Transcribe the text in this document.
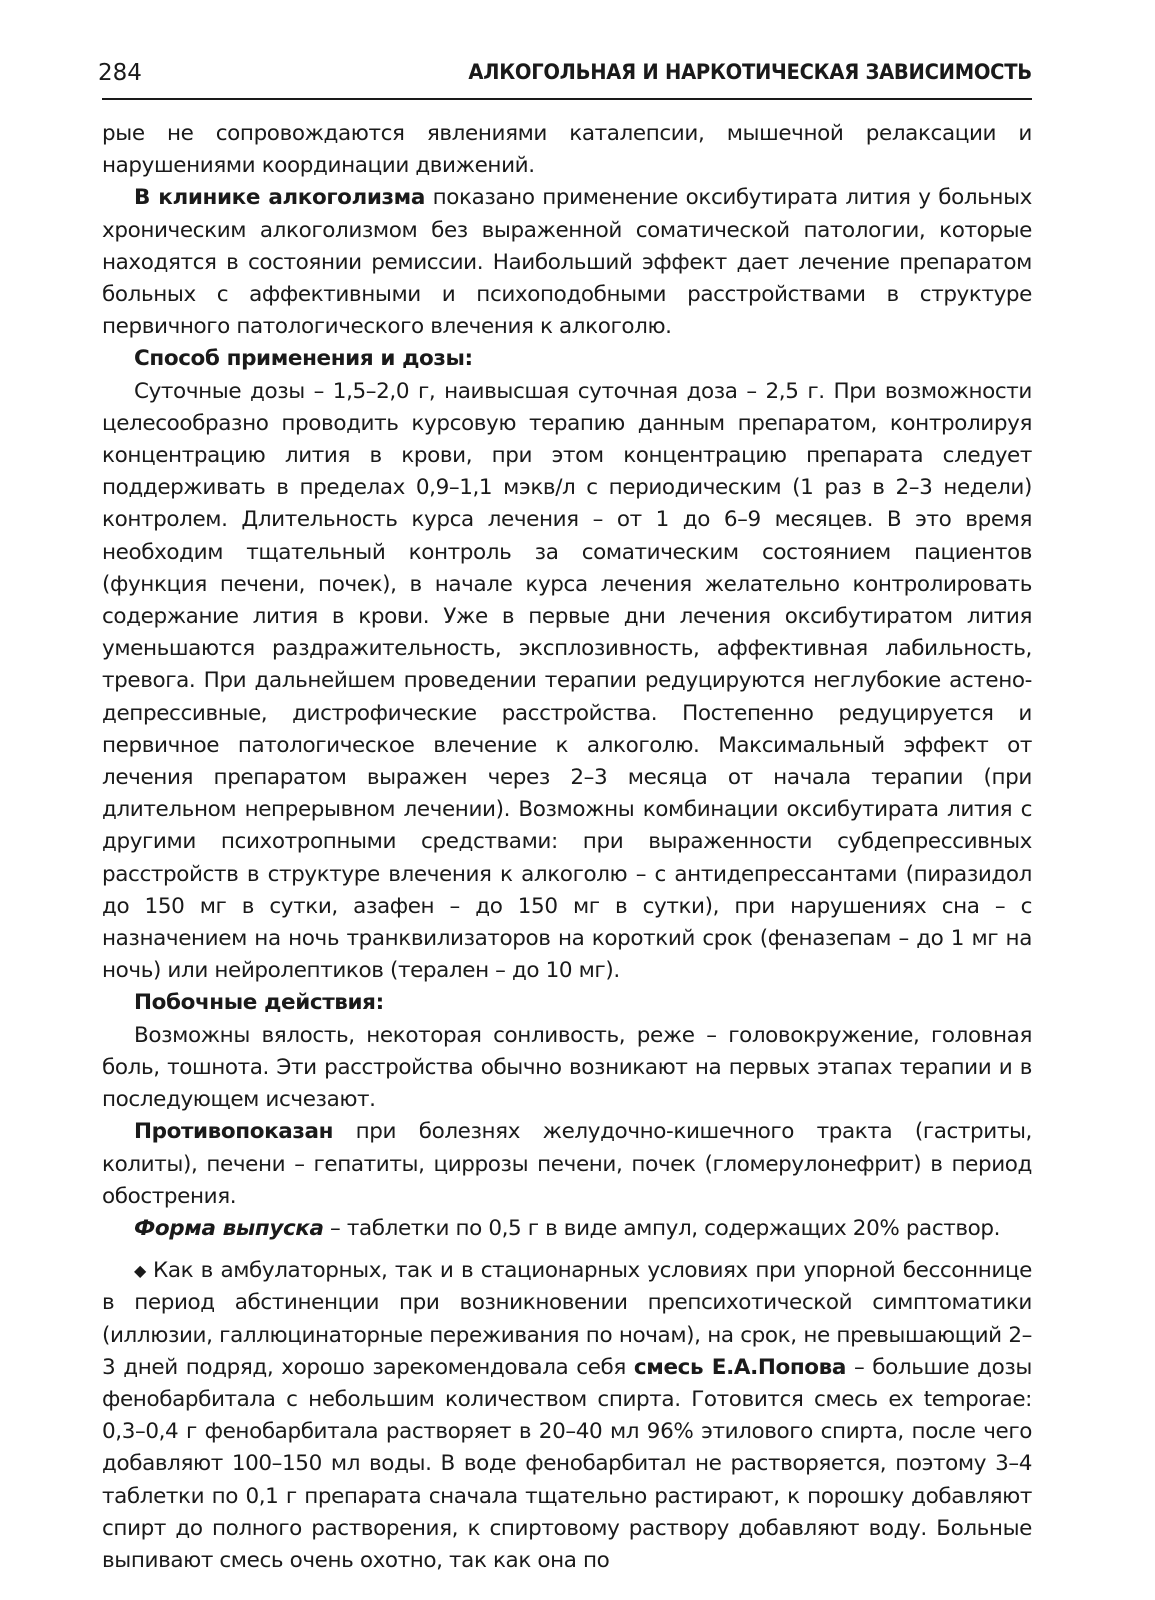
284	АЛКОГОЛЬНАЯ И НАРКОТИЧЕСКАЯ ЗАВИСИМОСТЬ

рые не сопровождаются явлениями каталепсии, мышечной релаксации и нарушениями координации движений.

В клинике алкоголизма показано применение оксибутирата лития у больных хроническим алкоголизмом без выраженной соматической патологии, которые находятся в состоянии ремиссии. Наибольший эффект дает лечение препаратом больных с аффективными и психоподобными расстройствами в структуре первичного патологического влечения к алкоголю.

Способ применения и дозы:

Суточные дозы – 1,5–2,0 г, наивысшая суточная доза – 2,5 г. При возможности целесообразно проводить курсовую терапию данным препаратом, контролируя концентрацию лития в крови, при этом концентрацию препарата следует поддерживать в пределах 0,9–1,1 мэкв/л с периодическим (1 раз в 2–3 недели) контролем. Длительность курса лечения – от 1 до 6–9 месяцев. В это время необходим тщательный контроль за соматическим состоянием пациентов (функция печени, почек), в начале курса лечения желательно контролировать содержание лития в крови. Уже в первые дни лечения оксибутиратом лития уменьшаются раздражительность, эксплозивность, аффективная лабильность, тревога. При дальнейшем проведении терапии редуцируются неглубокие астено-депрессивные, дистрофические расстройства. Постепенно редуцируется и первичное патологическое влечение к алкоголю. Максимальный эффект от лечения препаратом выражен через 2–3 месяца от начала терапии (при длительном непрерывном лечении). Возможны комбинации оксибутирата лития с другими психотропными средствами: при выраженности субдепрессивных расстройств в структуре влечения к алкоголю – с антидепрессантами (пиразидол до 150 мг в сутки, азафен – до 150 мг в сутки), при нарушениях сна – с назначением на ночь транквилизаторов на короткий срок (феназепам – до 1 мг на ночь) или нейролептиков (терален – до 10 мг).

Побочные действия:

Возможны вялость, некоторая сонливость, реже – головокружение, головная боль, тошнота. Эти расстройства обычно возникают на первых этапах терапии и в последующем исчезают.

Противопоказан при болезнях желудочно-кишечного тракта (гастриты, колиты), печени – гепатиты, циррозы печени, почек (гломерулонефрит) в период обострения.

Форма выпуска – таблетки по 0,5 г в виде ампул, содержащих 20% раствор.

◆ Как в амбулаторных, так и в стационарных условиях при упорной бессоннице в период абстиненции при возникновении препсихотической симптоматики (иллюзии, галлюцинаторные переживания по ночам), на срок, не превышающий 2–3 дней подряд, хорошо зарекомендовала себя смесь Е.А.Попова – большие дозы фенобарбитала с небольшим количеством спирта. Готовится смесь ex temporae: 0,3–0,4 г фенобарбитала растворяет в 20–40 мл 96% этилового спирта, после чего добавляют 100–150 мл воды. В воде фенобарбитал не растворяется, поэтому 3–4 таблетки по 0,1 г препарата сначала тщательно растирают, к порошку добавляют спирт до полного растворения, к спиртовому раствору добавляют воду. Больные выпивают смесь очень охотно, так как она по
